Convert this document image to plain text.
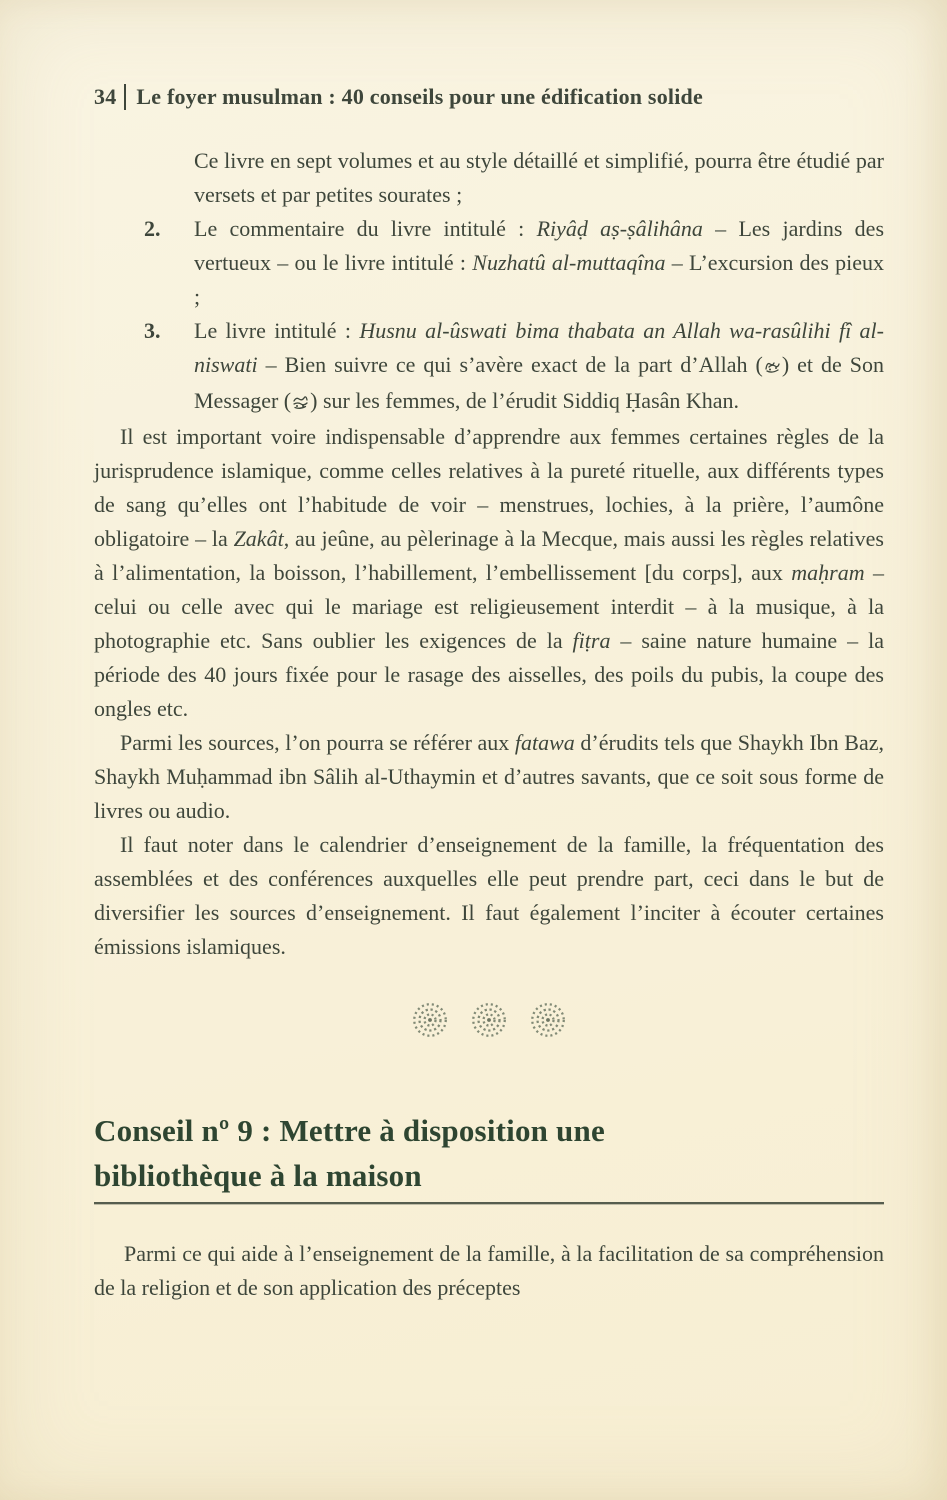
34 Le foyer musulman : 40 conseils pour une édification solide

Ce livre en sept volumes et au style détaillé et simplifié, pourra être étudié par versets et par petites sourates ;

2.	Le commentaire du livre intitulé : Riyâḍ aṣ-ṣâlihâna – Les jardins des vertueux – ou le livre intitulé : Nuzhatû al-muttaqîna – L’excursion des pieux ;

3.	Le livre intitulé : Husnu al-ûswati bima thabata an Allah wa-rasûlihi fî al-niswati – Bien suivre ce qui s’avère exact de la part d’Allah ( ) et de Son Messager ( ) sur les femmes, de l’érudit Siddiq Ḥasân Khan.

Il est important voire indispensable d’apprendre aux femmes certaines règles de la jurisprudence islamique, comme celles relatives à la pureté rituelle, aux différents types de sang qu’elles ont l’habitude de voir – menstrues, lochies, à la prière, l’aumône obligatoire – la Zakât, au jeûne, au pèlerinage à la Mecque, mais aussi les règles relatives à l’alimentation, la boisson, l’habillement, l’embellissement [du corps], aux maḥram – celui ou celle avec qui le mariage est religieusement interdit – à la musique, à la photographie etc. Sans oublier les exigences de la fiṭra – saine nature humaine – la période des 40 jours fixée pour le rasage des aisselles, des poils du pubis, la coupe des ongles etc.

Parmi les sources, l’on pourra se référer aux fatawa d’érudits tels que Shaykh Ibn Baz, Shaykh Muḥammad ibn Sâlih al-Uthaymin et d’autres savants, que ce soit sous forme de livres ou audio.

Il faut noter dans le calendrier d’enseignement de la famille, la fréquentation des assemblées et des conférences auxquelles elle peut prendre part, ceci dans le but de diversifier les sources d’enseignement. Il faut également l’inciter à écouter certaines émissions islamiques.

Conseil nº 9 : Mettre à disposition une bibliothèque à la maison

Parmi ce qui aide à l’enseignement de la famille, à la facilitation de sa compréhension de la religion et de son application des préceptes
